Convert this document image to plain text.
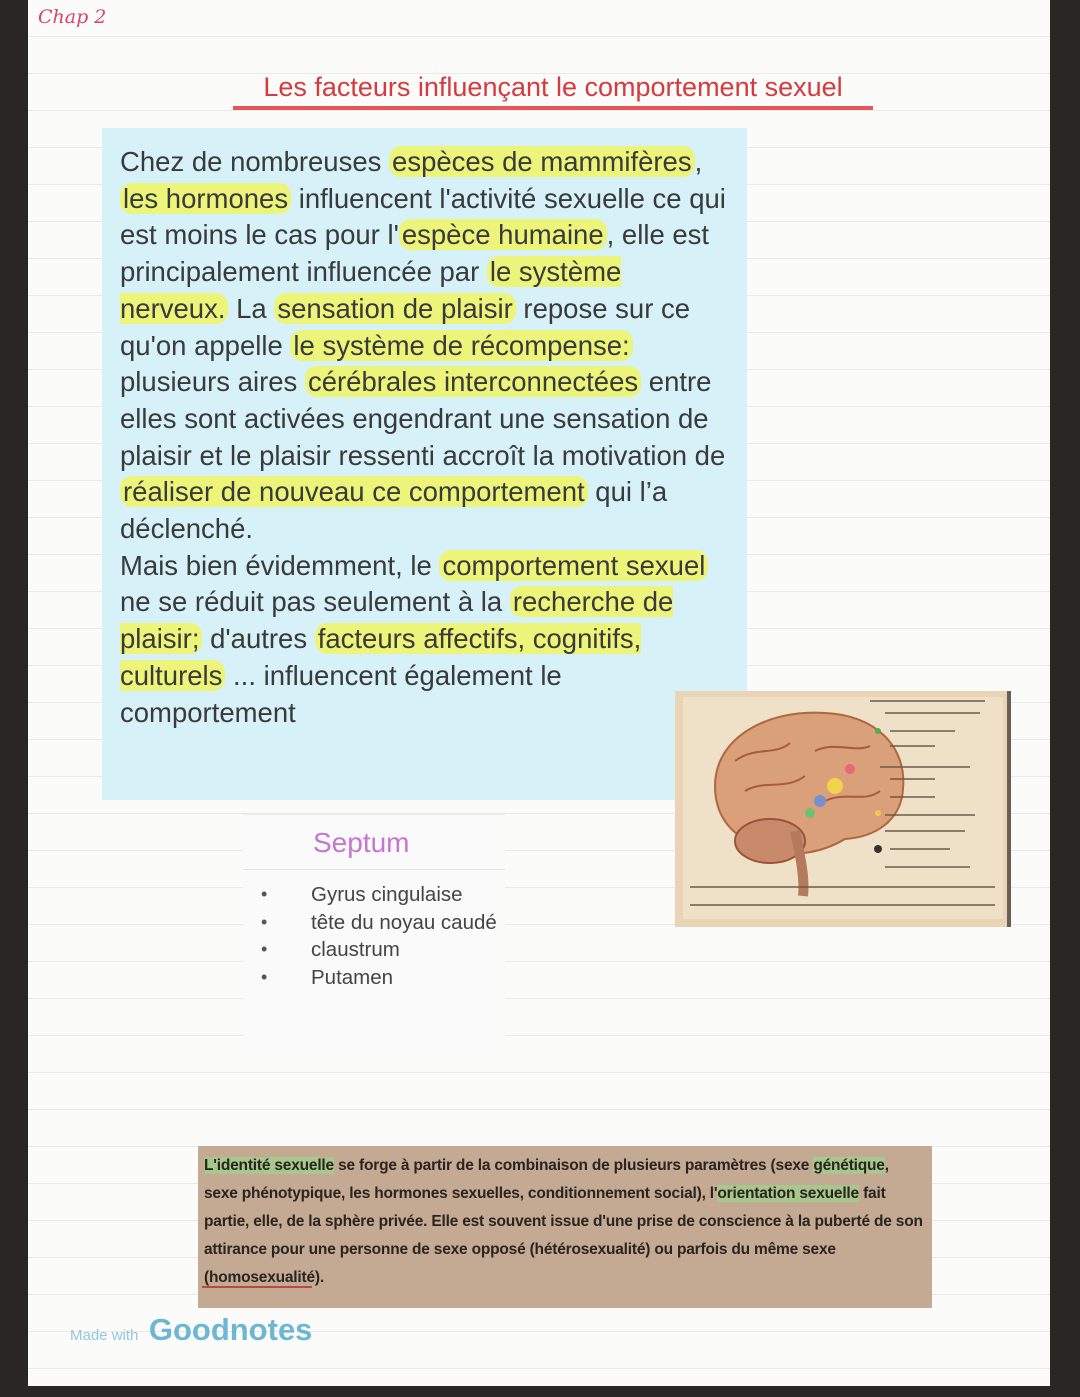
Chap 2
Les facteurs influençant le comportement sexuel
Chez de nombreuses espèces de mammifères , les hormones influencent l'activité sexuelle ce qui est moins le cas pour l' espèce humaine , elle est principalement influencée par le système nerveux. La sensation de plaisir repose sur ce qu'on appelle le système de récompense: plusieurs aires cérébrales interconnectées entre elles sont activées engendrant une sensation de plaisir et le plaisir ressenti accroît la motivation de réaliser de nouveau ce comportement qui l’a déclenché.
Mais bien évidemment, le comportement sexuel ne se réduit pas seulement à la recherche de plaisir; d'autres facteurs affectifs, cognitifs, culturels ... influencent également le comportement
Septum
• Gyrus cingulaise
• tête du noyau caudé
• claustrum
• Putamen
L'identité sexuelle se forge à partir de la combinaison de plusieurs paramètres (sexe génétique, sexe phénotypique, les hormones sexuelles, conditionnement social), l'orientation sexuelle fait partie, elle, de la sphère privée. Elle est souvent issue d'une prise de conscience à la puberté de son attirance pour une personne de sexe opposé (hétérosexualité) ou parfois du même sexe (homosexualité).
Made with Goodnotes
